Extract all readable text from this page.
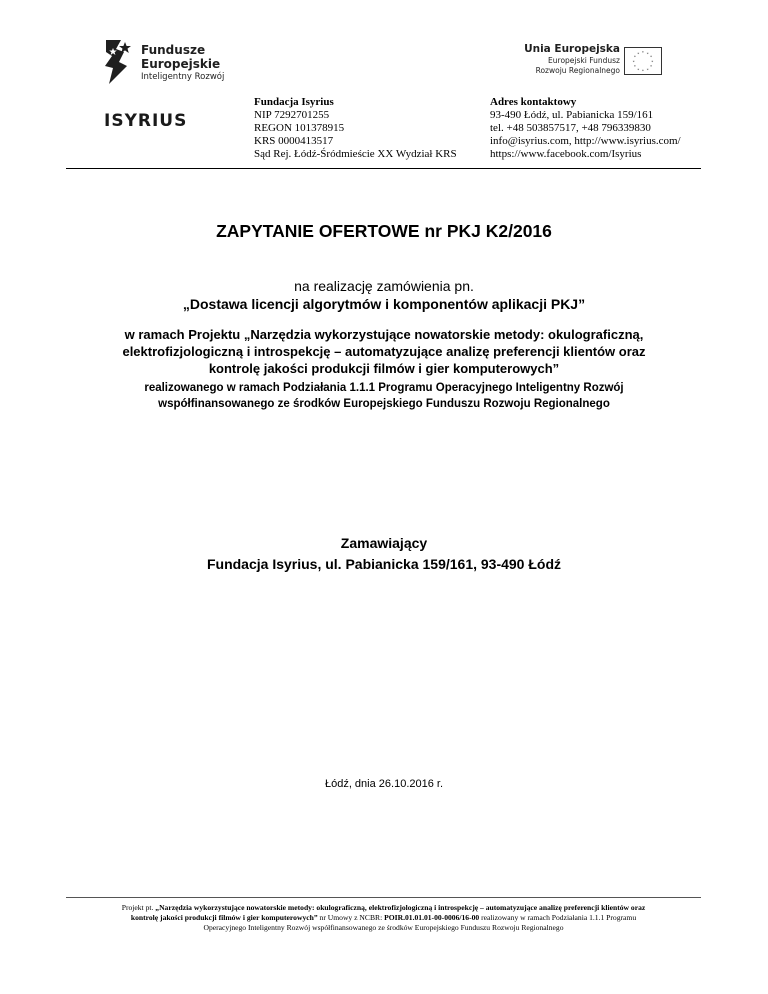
Fundusze
Europejskie
Inteligentny Rozwój
Unia Europejska
Europejski Fundusz
Rozwoju Regionalnego
* *
*
*
*
*
*
*
*
*
*
*
ISYRIUS
Fundacja Isyrius
NIP 7292701255
REGON 101378915
KRS 0000413517
Sąd Rej. Łódź-Śródmieście XX Wydział KRS
Adres kontaktowy
93-490 Łódź, ul. Pabianicka 159/161
tel. +48 503857517, +48 796339830
info@isyrius.com, http://www.isyrius.com/
https://www.facebook.com/Isyrius
ZAPYTANIE OFERTOWE nr PKJ K2/2016
na realizację zamówienia pn.
„Dostawa licencji algorytmów i komponentów aplikacji PKJ”
w ramach Projektu „Narzędzia wykorzystujące nowatorskie metody: okulograficzną,
elektrofizjologiczną i introspekcję – automatyzujące analizę preferencji klientów oraz
kontrolę jakości produkcji filmów i gier komputerowych”
realizowanego w ramach Podziałania 1.1.1 Programu Operacyjnego Inteligentny Rozwój
współfinansowanego ze środków Europejskiego Funduszu Rozwoju Regionalnego
Zamawiający
Fundacja Isyrius, ul. Pabianicka 159/161, 93-490 Łódź
Łódź, dnia 26.10.2016 r.
Projekt pt. „Narzędzia wykorzystujące nowatorskie metody: okulograficzną, elektrofizjologiczną i introspekcję – automatyzujące analizę preferencji klientów oraz
kontrolę jakości produkcji filmów i gier komputerowych” nr Umowy z NCBR: POIR.01.01.01-00-0006/16-00 realizowany w ramach Podziałania 1.1.1 Programu
Operacyjnego Inteligentny Rozwój współfinansowanego ze środków Europejskiego Funduszu Rozwoju Regionalnego
